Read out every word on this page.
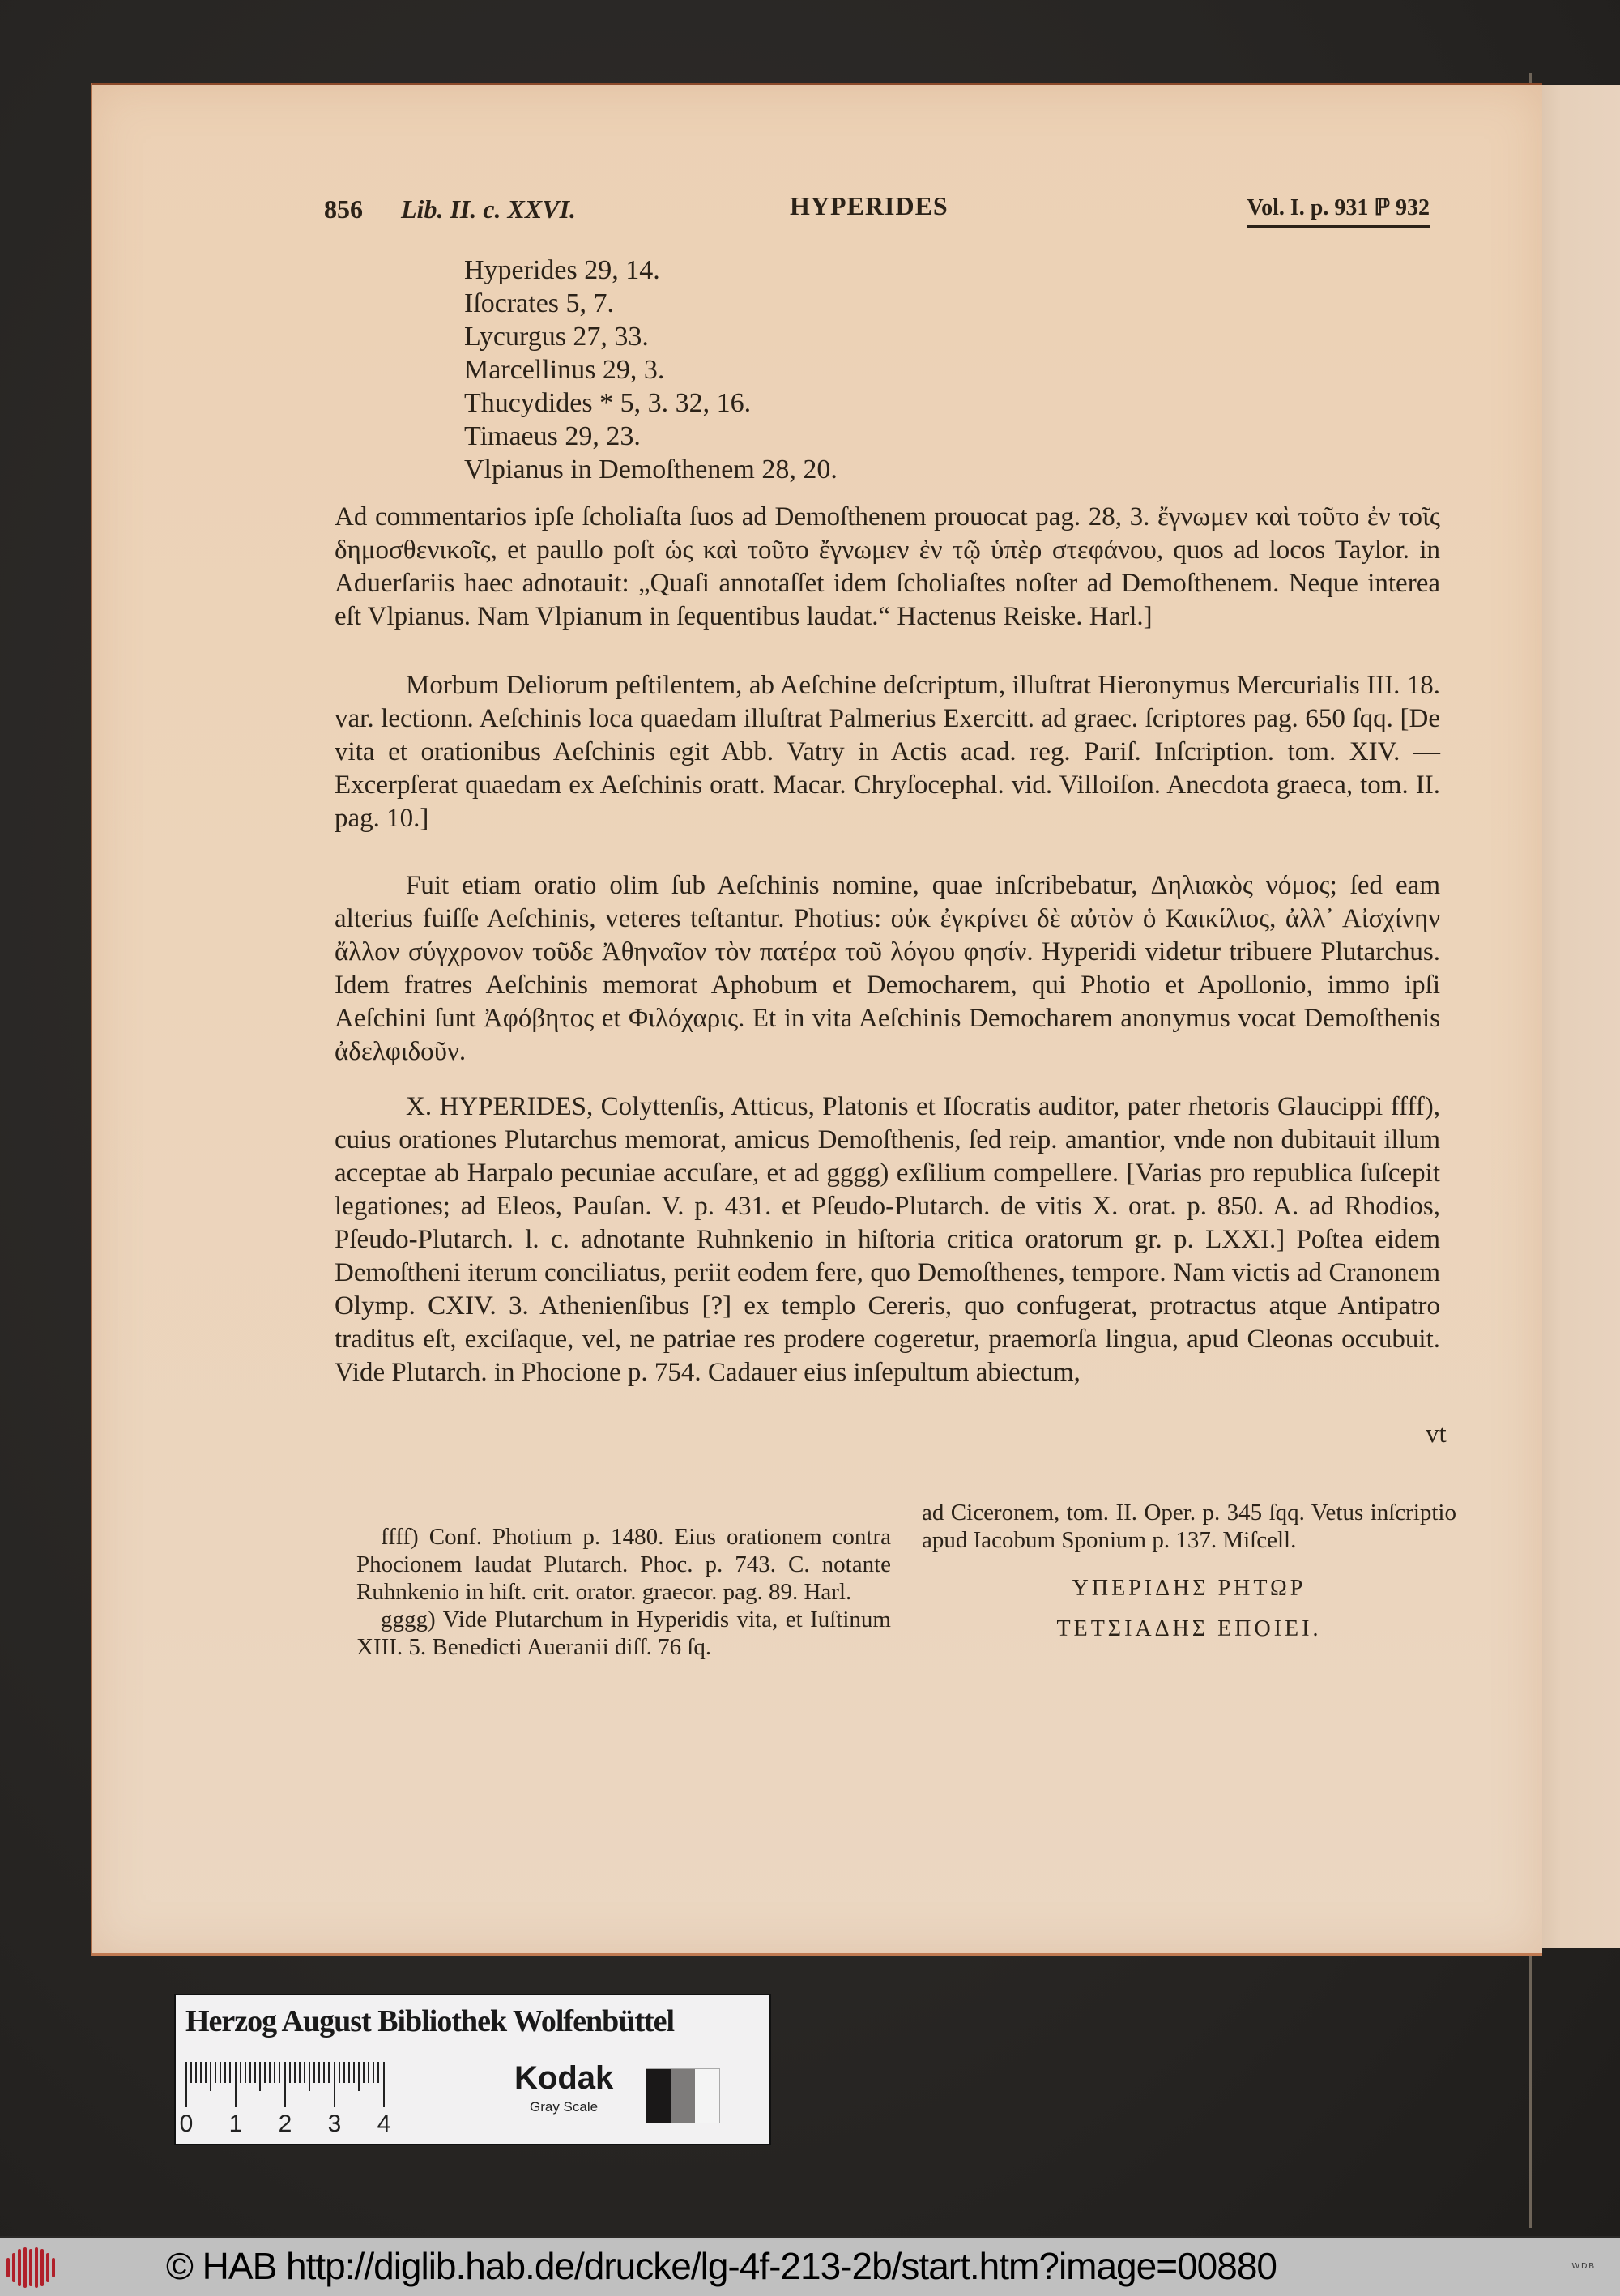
856 Lib. II. c. XXVI.	HYPERIDES	Vol. I. p. 931 ℙ 932
Hyperides 29, 14.
Iſocrates 5, 7.
Lycurgus 27, 33.
Marcellinus 29, 3.
Thucydides * 5, 3. 32, 16.
Timaeus 29, 23.
Vlpianus in Demoſthenem 28, 20.
Ad commentarios ipſe ſcholiaſta ſuos ad Demoſthenem prouocat pag. 28, 3. ἔγνωμεν καὶ τοῦτο ἐν τοῖς δημοσθενικοῖς, et paullo poſt ὡς καὶ τοῦτο ἔγνωμεν ἐν τῷ ὑπὲρ στεφάνου, quos ad locos Taylor. in Aduerſariis haec adnotauit: „Quaſi annotaſſet idem ſcholiaſtes noſter ad Demoſthenem. Neque interea eſt Vlpianus. Nam Vlpianum in ſequentibus laudat.“ Hactenus Reiske. Harl.]
Morbum Deliorum peſtilentem, ab Aeſchine deſcriptum, illuſtrat Hieronymus Mercurialis III. 18. var. lectionn. Aeſchinis loca quaedam illuſtrat Palmerius Exercitt. ad graec. ſcriptores pag. 650 ſqq. [De vita et orationibus Aeſchinis egit Abb. Vatry in Actis acad. reg. Pariſ. Inſcription. tom. XIV. — Excerpſerat quaedam ex Aeſchinis oratt. Macar. Chryſocephal. vid. Villoiſon. Anecdota graeca, tom. II. pag. 10.]
Fuit etiam oratio olim ſub Aeſchinis nomine, quae inſcribebatur, Δηλιακὸς νόμος; ſed eam alterius fuiſſe Aeſchinis, veteres teſtantur. Photius: οὐκ ἐγκρίνει δὲ αὐτὸν ὁ Καικίλιος, ἀλλ᾽ Αἰσχίνην ἄλλον σύγχρονον τοῦδε Ἀθηναῖον τὸν πατέρα τοῦ λόγου φησίν. Hyperidi videtur tribuere Plutarchus. Idem fratres Aeſchinis memorat Aphobum et Democharem, qui Photio et Apollonio, immo ipſi Aeſchini ſunt Ἀφόβητος et Φιλόχαρις. Et in vita Aeſchinis Democharem anonymus vocat Demoſthenis ἀδελφιδοῦν.
X. HYPERIDES, Colyttenſis, Atticus, Platonis et Iſocratis auditor, pater rhetoris Glaucippi ffff), cuius orationes Plutarchus memorat, amicus Demoſthenis, ſed reip. amantior, vnde non dubitauit illum acceptae ab Harpalo pecuniae accuſare, et ad gggg) exſilium compellere. [Varias pro republica ſuſcepit legationes; ad Eleos, Pauſan. V. p. 431. et Pſeudo-Plutarch. de vitis X. orat. p. 850. A. ad Rhodios, Pſeudo-Plutarch. l. c. adnotante Ruhnkenio in hiſtoria critica oratorum gr. p. LXXI.] Poſtea eidem Demoſtheni iterum conciliatus, periit eodem fere, quo Demoſthenes, tempore. Nam victis ad Cranonem Olymp. CXIV. 3. Athenienſibus [?] ex templo Cereris, quo confugerat, protractus atque Antipatro traditus eſt, exciſaque, vel, ne patriae res prodere cogeretur, praemorſa lingua, apud Cleonas occubuit. Vide Plutarch. in Phocione p. 754. Cadauer eius inſepultum abiectum,
vt

ffff) Conf. Photium p. 1480. Eius orationem contra Phocionem laudat Plutarch. Phoc. p. 743. C. notante Ruhnkenio in hiſt. crit. orator. graecor. pag. 89. Harl.

gggg) Vide Plutarchum in Hyperidis vita, et Iuſtinum XIII. 5. Benedicti Aueranii diſſ. 76 ſq.

ad Ciceronem, tom. II. Oper. p. 345 ſqq. Vetus inſcriptio apud Iacobum Sponium p. 137. Miſcell.

ΥΠΕΡΙΔΗΣ ΡΗΤΩΡ
ΤΕΤΣΙΑΔΗΣ ΕΠΟΙΕΙ.
Herzog August Bibliothek Wolfenbüttel
0 1 2 3 4
Kodak
Gray Scale
© HAB http://diglib.hab.de/drucke/lg-4f-213-2b/start.htm?image=00880	WDB
